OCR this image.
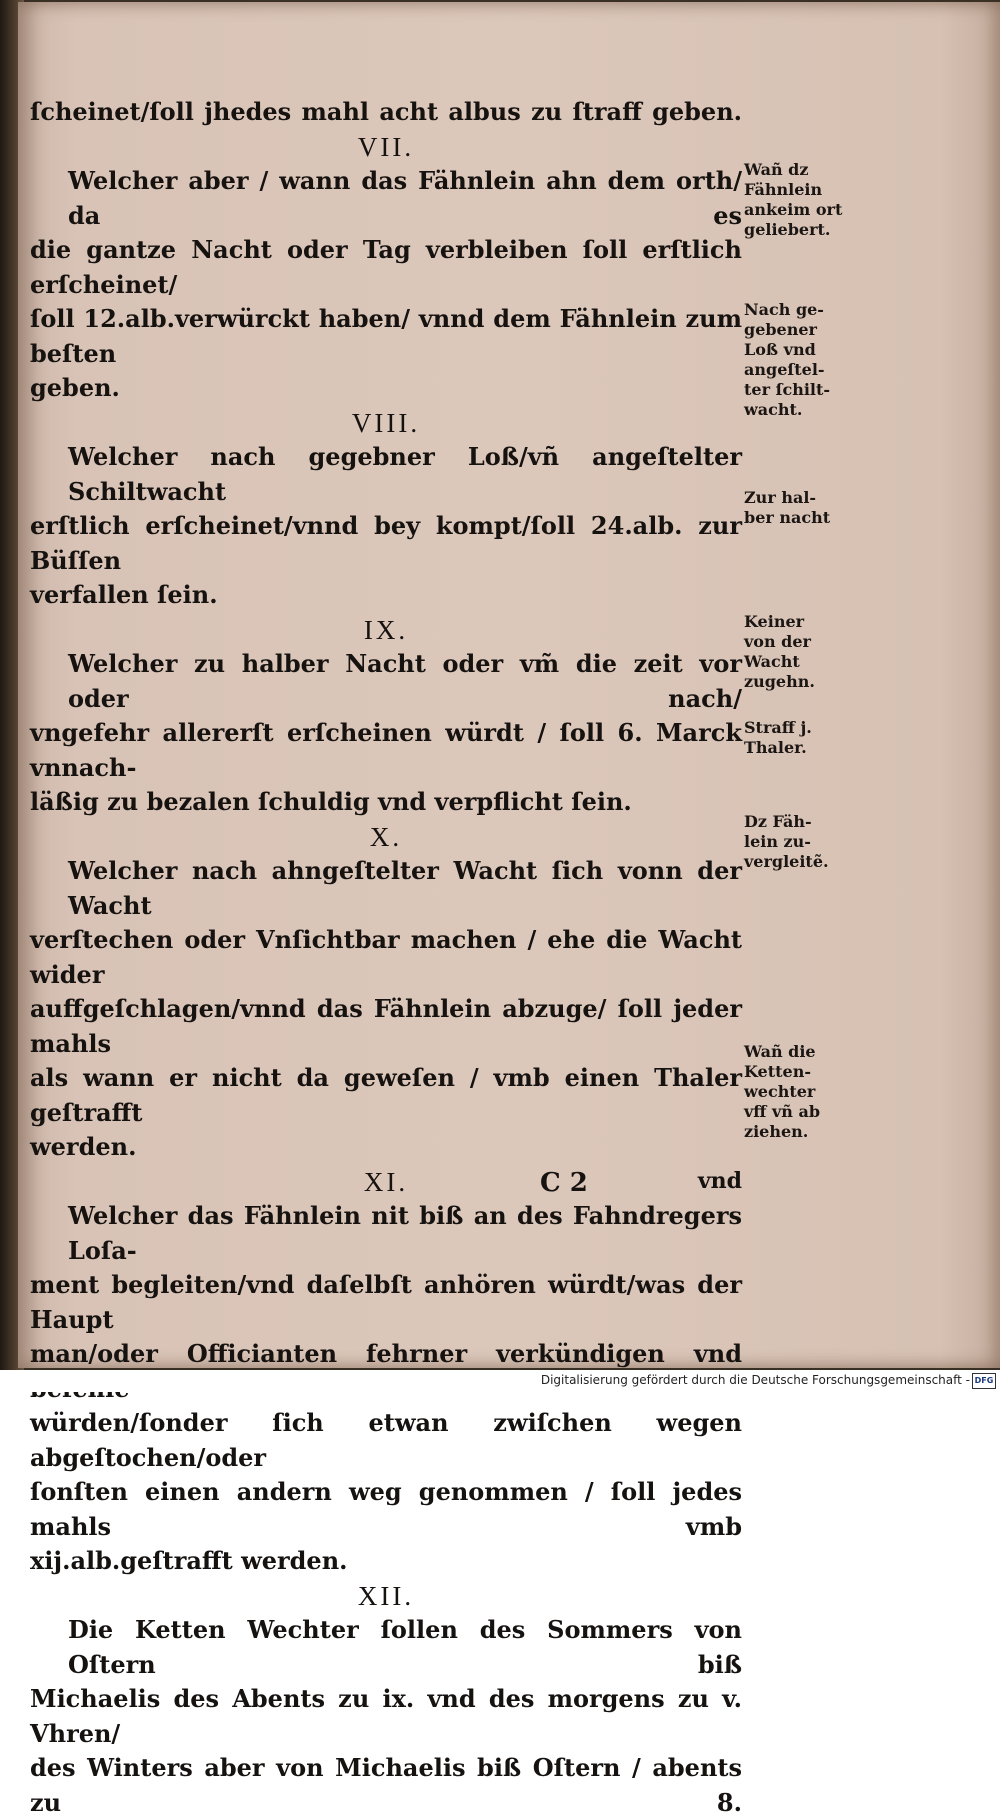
ſcheinet/ſoll jhedes mahl acht albus zu ſtraff geben.
VII.
Welcher aber / wann das Fähnlein ahn dem orth/ da es
die gantze Nacht oder Tag verbleiben ſoll erſtlich erſcheinet/
ſoll 12.alb.verwürckt haben/ vnnd dem Fähnlein zum beſten
geben.
VIII.
Welcher nach gegebner Loß/vñ angeſtelter Schiltwacht
erſtlich erſcheinet/vnnd bey kompt/ſoll 24.alb. zur Büſſen
verfallen ſein.
IX.
Welcher zu halber Nacht oder vm̃ die zeit vor oder nach/
vngefehr allererſt erſcheinen würdt / ſoll 6. Marck vnnach-
läßig zu bezalen ſchuldig vnd verpflicht ſein.
X.
Welcher nach ahngeſtelter Wacht ſich vonn der Wacht
verſtechen oder Vnſichtbar machen / ehe die Wacht wider
auffgeſchlagen/vnnd das Fähnlein abzuge/ ſoll jeder mahls
als wann er nicht da geweſen / vmb einen Thaler geſtrafft
werden.
XI.
Welcher das Fähnlein nit biß an des Fahndregers Loſa-
ment begleiten/vnd daſelbſt anhören würdt/was der Haupt
man/oder Officianten fehrner verkündigen vnd
würden/ſonder ſich etwan zwiſchen wegen abgeſtochen/oder
ſonſten einen andern weg genommen / ſoll jedes mahls vmb
xij.alb.geſtrafft werden.
XII.
Die Ketten Wechter ſollen des Sommers von Oſtern biß
Michaelis des Abents zu ix. vnd des morgens zu v. Vhren/
des Winters aber von Michaelis biß Oſtern / abents zu 8.
C 2	vnd
Wañ dz
Fähnlein
ankeim ort
geliebert.
Nach ge-
gebener
Loß vnd
angeſtel-
ter ſchilt-
wacht.
Zur hal-
ber nacht
Keiner
von der
Wacht
zugehn.
Straff j.
Thaler.
Dz Fäh-
lein zu-
vergleitẽ.
Wañ die
Ketten-
wechter
vff vñ ab
ziehen.
Digitalisierung gefördert durch die Deutsche Forschungsgemeinschaft - DFG
